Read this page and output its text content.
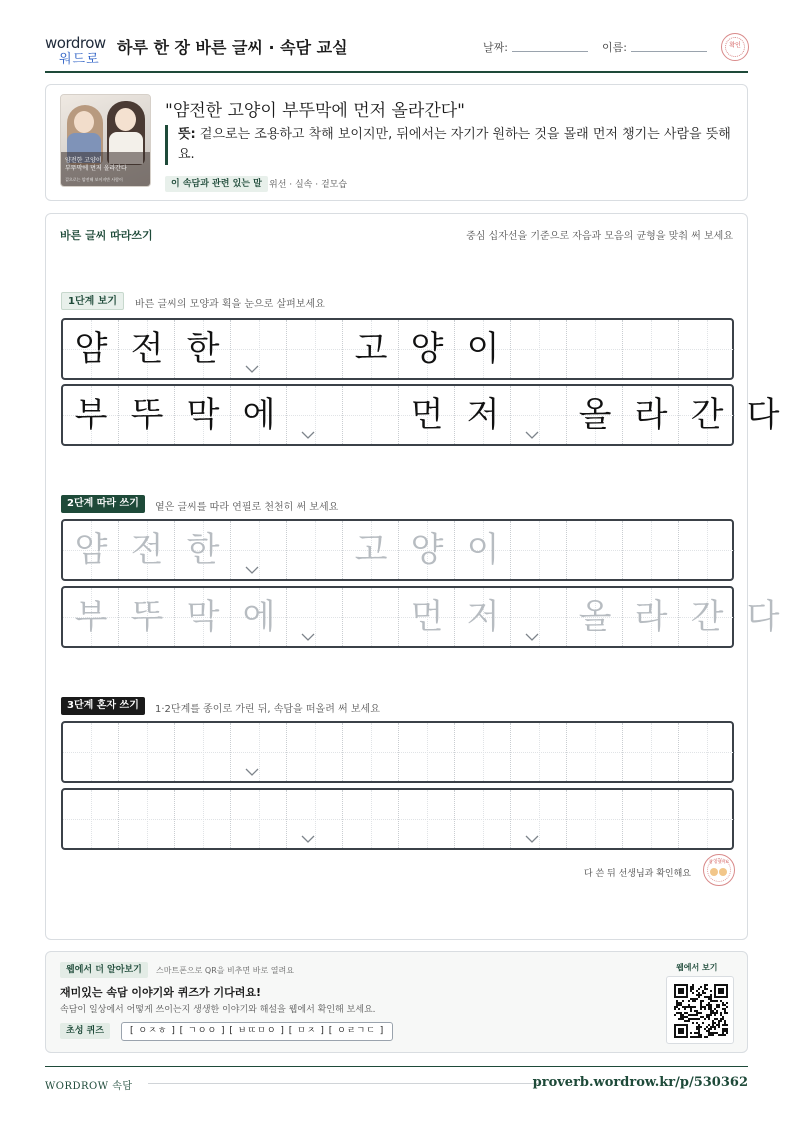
wordrow
워드로
하루 한 장 바른 글씨 · 속담 교실	날짜:	이름:	확인
얌전한 고양이
부뚜막에 먼저 올라간다
겉으로는 얌전해 보이지만 사람이
"얌전한 고양이 부뚜막에 먼저 올라간다"
뜻: 겉으로는 조용하고 착해 보이지만, 뒤에서는 자기가 원하는 것을 몰래 먼저 챙기는 사람을 뜻해요.
이 속담과 관련 있는 말 위선 · 실속 · 겉모습
바른 글씨 따라쓰기	중심 십자선을 기준으로 자음과 모음의 균형을 맞춰 써 보세요
다 쓴 뒤 선생님과 확인해요
참 잘했어요
1단계 보기	바른 글씨의 모양과 획을 눈으로 살펴보세요
얌 전 한	고 양 이
부 뚜 막 에	먼 저	올 라 간 다
2단계 따라 쓰기	옅은 글씨를 따라 연필로 천천히 써 보세요
얌 전 한	고 양 이
부 뚜 막 에	먼 저	올 라 간 다
3단계 혼자 쓰기	1·2단계를 종이로 가린 뒤, 속담을 떠올려 써 보세요
웹에서 더 알아보기	스마트폰으로 QR을 비추면 바로 열려요
재미있는 속담 이야기와 퀴즈가 기다려요!
속담이 일상에서 어떻게 쓰이는지 생생한 이야기와 해설을 웹에서 확인해 보세요.
초성 퀴즈	[ ㅇㅈㅎ ] [ ㄱㅇㅇ ] [ ㅂㄸㅁㅇ ] [ ㅁㅈ ] [ ㅇㄹㄱㄷ ]
웹에서 보기
WORDROW 속담	proverb.wordrow.kr/p/530362
